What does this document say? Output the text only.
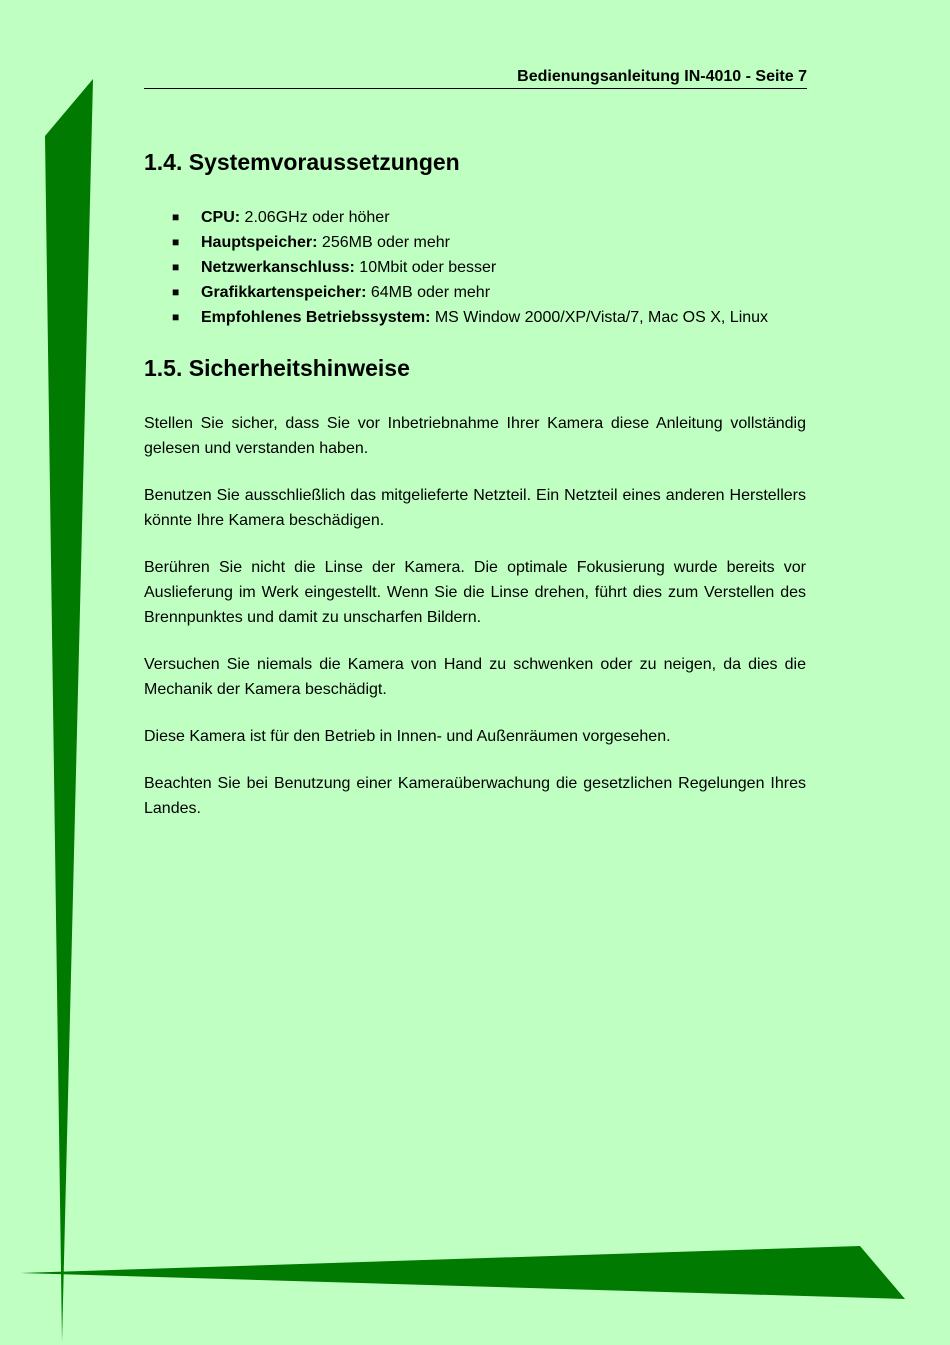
Bedienungsanleitung IN-4010 - Seite 7
1.4. Systemvoraussetzungen
■ CPU: 2.06GHz oder höher
■ Hauptspeicher: 256MB oder mehr
■ Netzwerkanschluss: 10Mbit oder besser
■ Grafikkartenspeicher: 64MB oder mehr
■ Empfohlenes Betriebssystem: MS Window 2000/XP/Vista/7, Mac OS X, Linux
1.5. Sicherheitshinweise

Stellen Sie sicher, dass Sie vor Inbetriebnahme Ihrer Kamera diese Anleitung vollständig gelesen und verstanden haben.

Benutzen Sie ausschließlich das mitgelieferte Netzteil. Ein Netzteil eines anderen Herstellers könnte Ihre Kamera beschädigen.

Berühren Sie nicht die Linse der Kamera. Die optimale Fokusierung wurde bereits vor Auslieferung im Werk eingestellt. Wenn Sie die Linse drehen, führt dies zum Verstellen des Brennpunktes und damit zu unscharfen Bildern.

Versuchen Sie niemals die Kamera von Hand zu schwenken oder zu neigen, da dies die Mechanik der Kamera beschädigt.

Diese Kamera ist für den Betrieb in Innen- und Außenräumen vorgesehen.

Beachten Sie bei Benutzung einer Kameraüberwachung die gesetzlichen Regelungen Ihres Landes.
